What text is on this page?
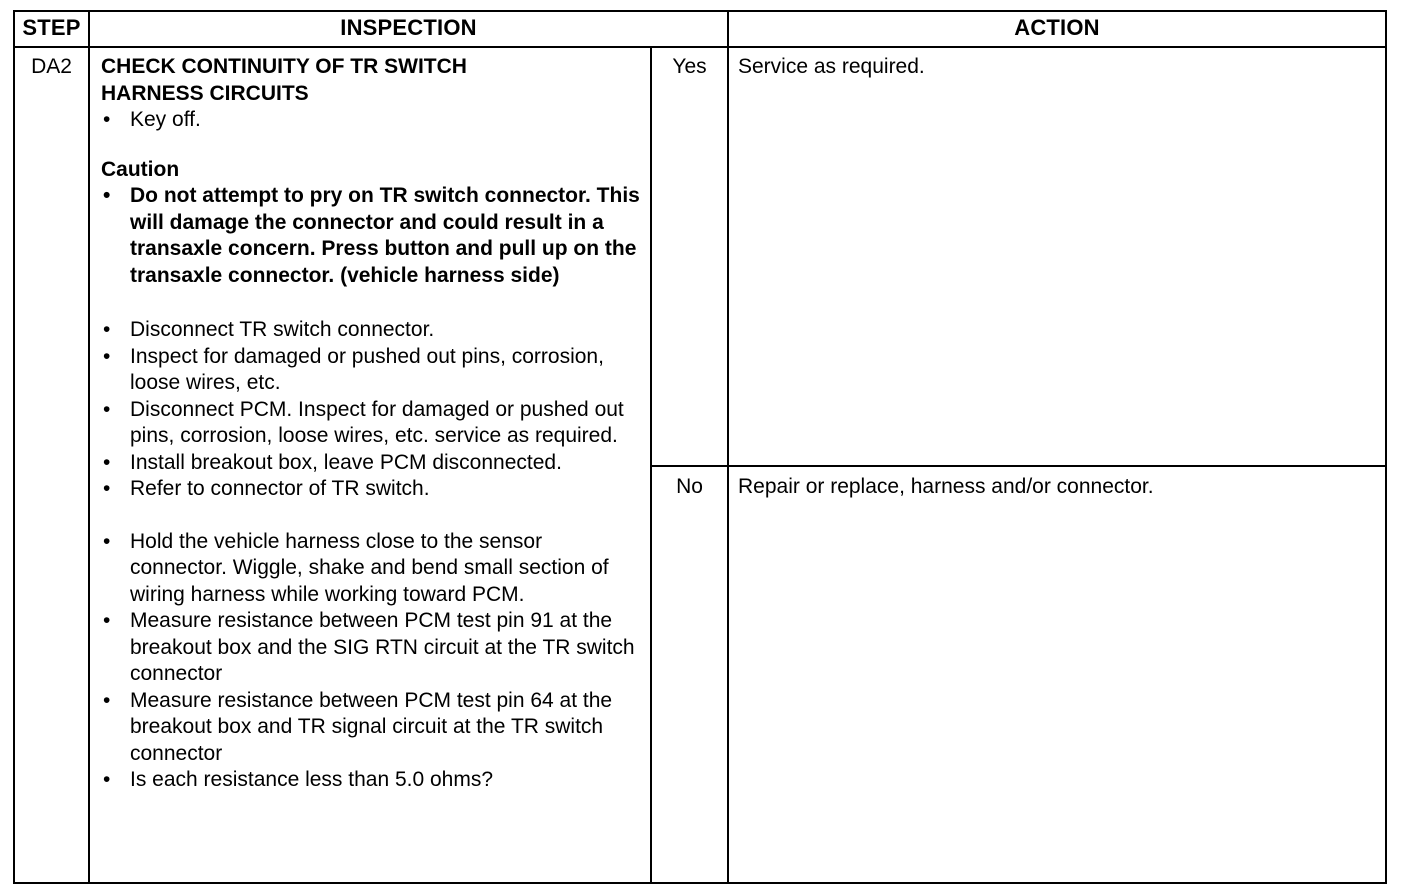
STEP	INSPECTION	ACTION
DA2	CHECK CONTINUITY OF TR SWITCH
HARNESS CIRCUITS
• Key off.
Caution
• Do not attempt to pry on TR switch connector. This will damage the connector and could result in a transaxle concern. Press button and pull up on the transaxle connector. (vehicle harness side)
• Disconnect TR switch connector.
• Inspect for damaged or pushed out pins, corrosion, loose wires, etc.
• Disconnect PCM. Inspect for damaged or pushed out pins, corrosion, loose wires, etc. service as required.
• Install breakout box, leave PCM disconnected.
• Refer to connector of TR switch.
• Hold the vehicle harness close to the sensor connector. Wiggle, shake and bend small section of wiring harness while working toward PCM.
• Measure resistance between PCM test pin 91 at the breakout box and the SIG RTN circuit at the TR switch connector
• Measure resistance between PCM test pin 64 at the breakout box and TR signal circuit at the TR switch connector
• Is each resistance less than 5.0 ohms?
Yes	Service as required.
No	Repair or replace, harness and/or connector.
